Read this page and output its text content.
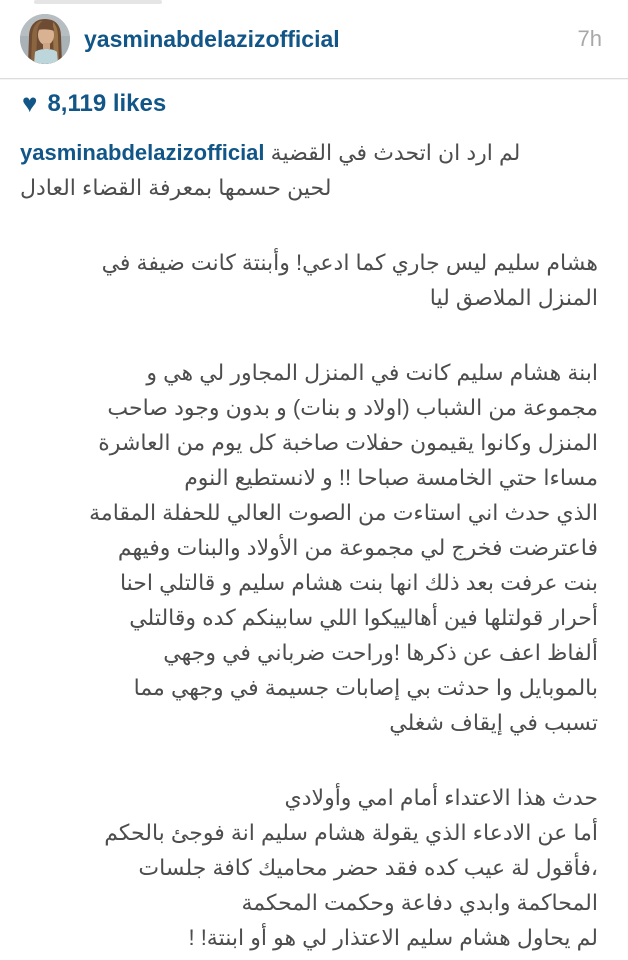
yasminabdelazizofficial	7h
♥ 8,119 likes
yasminabdelazizofficial لم ارد ان اتحدث في القضية
لحين حسمها بمعرفة القضاء العادل
هشام سليم ليس جاري كما ادعي! وأبنتة كانت ضيفة في
المنزل الملاصق ليا
ابنة هشام سليم كانت في المنزل المجاور لي هي و
مجموعة من الشباب (اولاد و بنات) و بدون وجود صاحب
المنزل وكانوا يقيمون حفلات صاخبة كل يوم من العاشرة
مساءا حتي الخامسة صباحا !! و لانستطيع النوم
الذي حدث اني استاءت من الصوت العالي للحفلة المقامة
فاعترضت فخرج لي مجموعة من الأولاد والبنات وفيهم
بنت عرفت بعد ذلك انها بنت هشام سليم و قالتلي احنا
أحرار قولتلها فين أهالييكوا اللي سابينكم كده وقالتلي
ألفاظ اعف عن ذكرها !وراحت ضرباني في وجهي
بالموبايل وا حدثت بي إصابات جسيمة في وجهي مما
تسبب في إيقاف شغلي
حدث هذا الاعتداء أمام امي وأولادي
أما عن الادعاء الذي يقولة هشام سليم انة فوجئ بالحكم
،فأقول لة عيب كده فقد حضر محاميك كافة جلسات
المحاكمة وابدي دفاعة وحكمت المحكمة
لم يحاول هشام سليم الاعتذار لي هو أو ابنتة! !
